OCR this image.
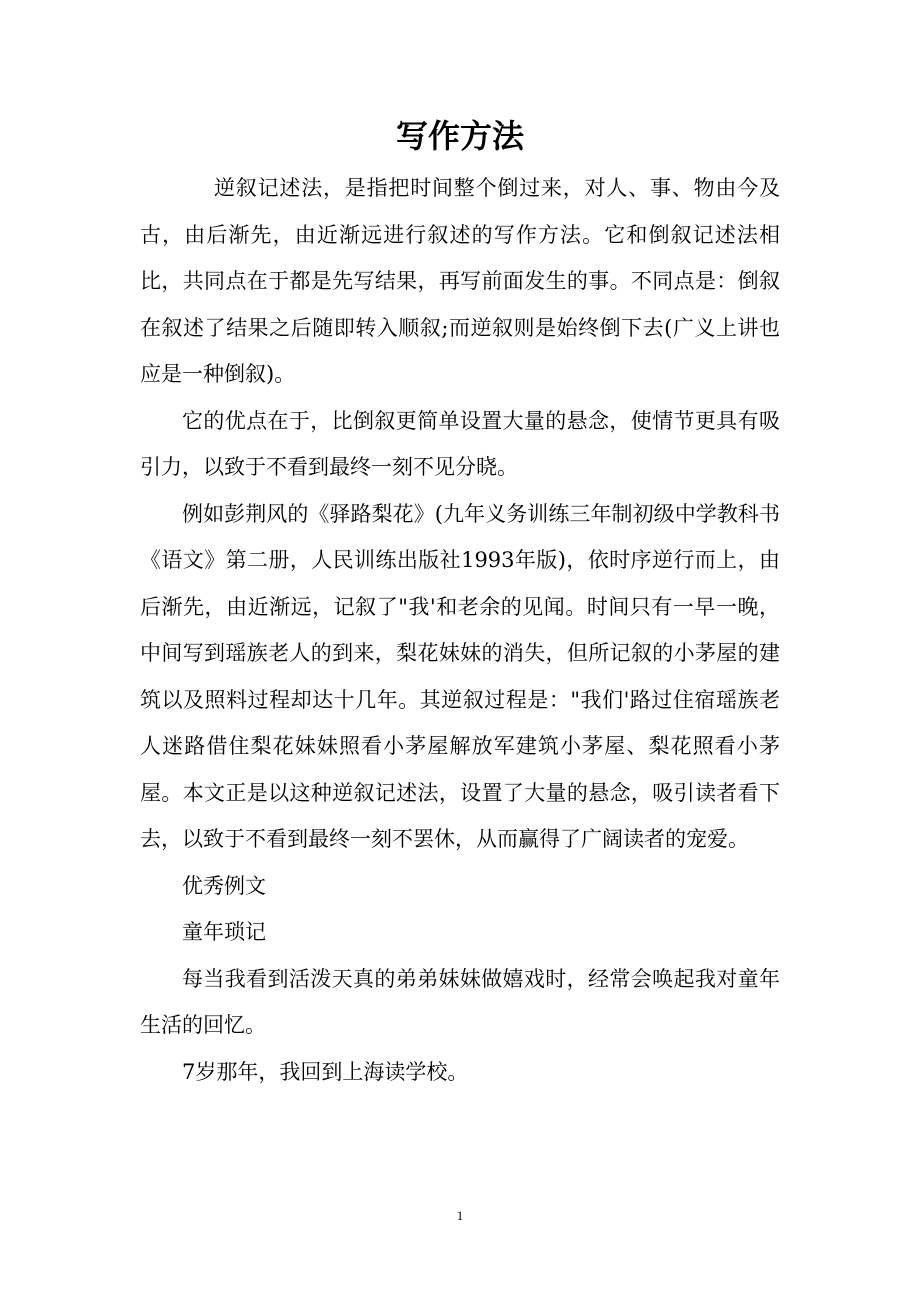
写作方法

逆叙记述法，是指把时间整个倒过来，对人、事、物由今及古，由后渐先，由近渐远进行叙述的写作方法。它和倒叙记述法相比，共同点在于都是先写结果，再写前面发生的事。不同点是：倒叙在叙述了结果之后随即转入顺叙;而逆叙则是始终倒下去(广义上讲也应是一种倒叙)。

它的优点在于，比倒叙更简单设置大量的悬念，使情节更具有吸引力，以致于不看到最终一刻不见分晓。

例如彭荆风的《驿路梨花》(九年义务训练三年制初级中学教科书《语文》第二册，人民训练出版社1993年版)，依时序逆行而上，由后渐先，由近渐远，记叙了"我'和老余的见闻。时间只有一早一晚，中间写到瑶族老人的到来，梨花妹妹的消失，但所记叙的小茅屋的建筑以及照料过程却达十几年。其逆叙过程是："我们'路过住宿瑶族老人迷路借住梨花妹妹照看小茅屋解放军建筑小茅屋、梨花照看小茅屋。本文正是以这种逆叙记述法，设置了大量的悬念，吸引读者看下去，以致于不看到最终一刻不罢休，从而赢得了广阔读者的宠爱。

优秀例文

童年琐记

每当我看到活泼天真的弟弟妹妹做嬉戏时，经常会唤起我对童年生活的回忆。

7岁那年，我回到上海读学校。

1
